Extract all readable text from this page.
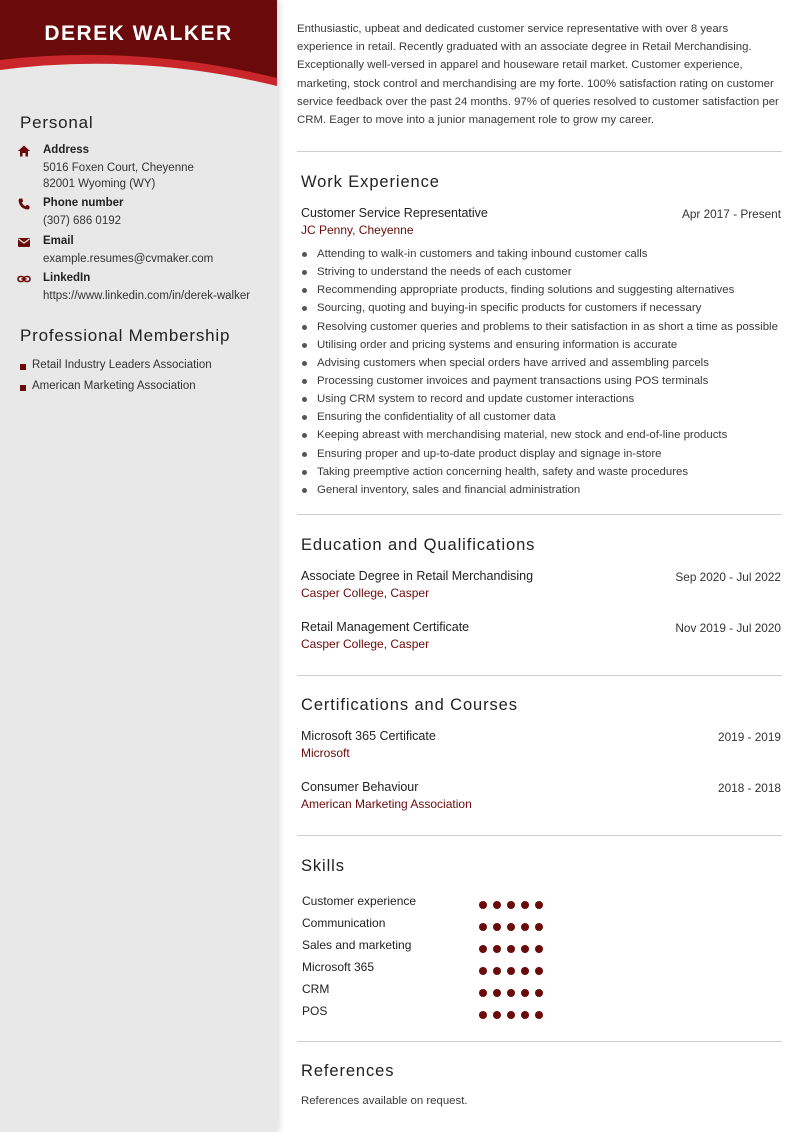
DEREK WALKER
Personal
Address
5016 Foxen Court, Cheyenne
82001 Wyoming (WY)
Phone number
(307) 686 0192
Email
example.resumes@cvmaker.com
LinkedIn
https://www.linkedin.com/in/derek-walker
Professional Membership
Retail Industry Leaders Association
American Marketing Association
Enthusiastic, upbeat and dedicated customer service representative with over 8 years experience in retail. Recently graduated with an associate degree in Retail Merchandising. Exceptionally well-versed in apparel and houseware retail market. Customer experience, marketing, stock control and merchandising are my forte. 100% satisfaction rating on customer service feedback over the past 24 months. 97% of queries resolved to customer satisfaction per CRM. Eager to move into a junior management role to grow my career.
Work Experience
Customer Service Representative	Apr 2017 - Present
JC Penny, Cheyenne
Attending to walk-in customers and taking inbound customer calls
Striving to understand the needs of each customer
Recommending appropriate products, finding solutions and suggesting alternatives
Sourcing, quoting and buying-in specific products for customers if necessary
Resolving customer queries and problems to their satisfaction in as short a time as possible
Utilising order and pricing systems and ensuring information is accurate
Advising customers when special orders have arrived and assembling parcels
Processing customer invoices and payment transactions using POS terminals
Using CRM system to record and update customer interactions
Ensuring the confidentiality of all customer data
Keeping abreast with merchandising material, new stock and end-of-line products
Ensuring proper and up-to-date product display and signage in-store
Taking preemptive action concerning health, safety and waste procedures
General inventory, sales and financial administration
Education and Qualifications
Associate Degree in Retail Merchandising	Sep 2020 - Jul 2022
Casper College, Casper
Retail Management Certificate	Nov 2019 - Jul 2020
Casper College, Casper
Certifications and Courses
Microsoft 365 Certificate	2019 - 2019
Microsoft
Consumer Behaviour	2018 - 2018
American Marketing Association
Skills
Customer experience
Communication
Sales and marketing
Microsoft 365
CRM
POS
References
References available on request.
